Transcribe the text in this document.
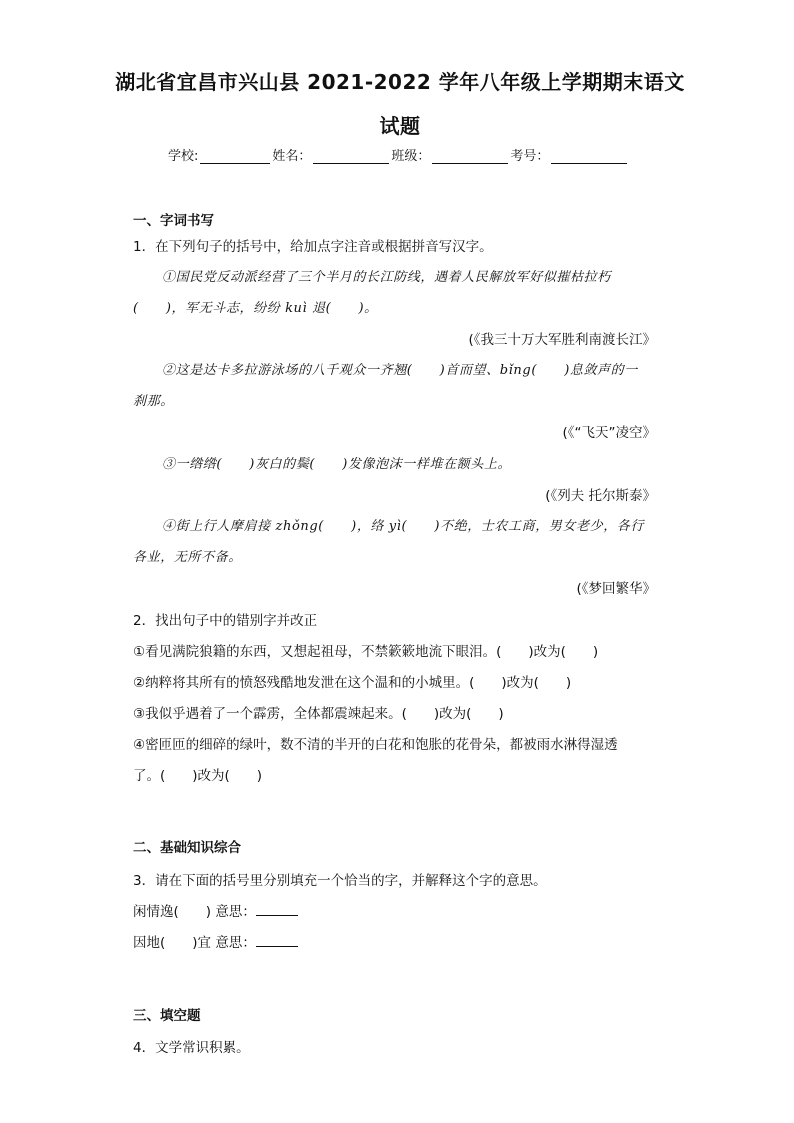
湖北省宜昌市兴山县 2021-2022 学年八年级上学期期末语文
试题
学校:	姓名：	班级：	考号：
一、字词书写
1．在下列句子的括号中，给加点字注音或根据拼音写汉字。
①国民党反动派经营了三个半月的长江防线，遇着人民解放军好似摧枯拉朽
(　　)，军无斗志，纷纷 kuì 退(　　)。
(《我三十万大军胜利南渡长江》
②这是达卡多拉游泳场的八千观众一齐翘(　　)首而望、bǐng(　　)息敛声的一
刹那。
(《“飞天”凌空》
③一绺绺(　　)灰白的鬓(　　)发像泡沫一样堆在额头上。
(《列夫 托尔斯泰》
④街上行人摩肩接 zhǒng(　　)，络 yì(　　)不绝，士农工商，男女老少，各行
各业，无所不备。
(《梦回繁华》
2．找出句子中的错别字并改正
①看见满院狼籍的东西，又想起祖母，不禁簌簌地流下眼泪。(　　)改为(　　)
②纳粹将其所有的愤怒残酷地发泄在这个温和的小城里。(　　)改为(　　)
③我似乎遇着了一个霹雳，全体都震竦起来。(　　)改为(　　)
④密匝匝的细碎的绿叶，数不清的半开的白花和饱胀的花骨朵，都被雨水淋得湿透
了。(　　)改为(　　)
二、基础知识综合
3．请在下面的括号里分别填充一个恰当的字，并解释这个字的意思。
闲情逸(　　) 意思：
因地(　　)宜 意思：
三、填空题
4．文学常识积累。
